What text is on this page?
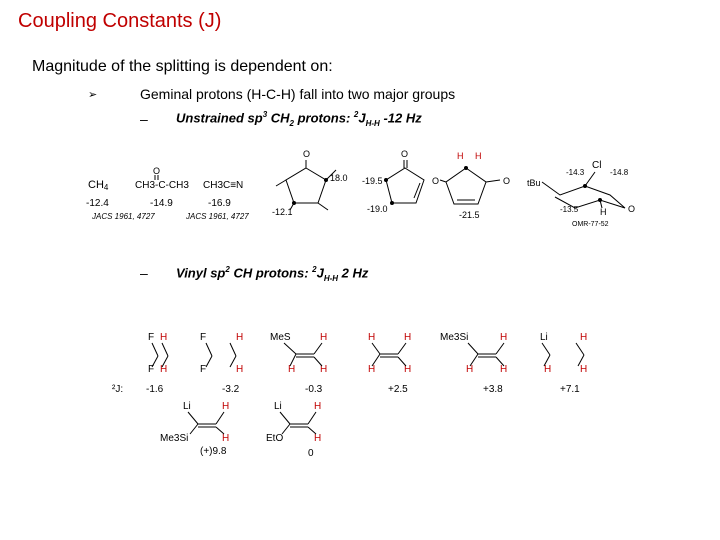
Coupling Constants (J)
Magnitude of the splitting is dependent on:
➢	Geminal protons (H-C-H) fall into two major groups
– Unstrained $sp^3$ $CH_2$ protons: $^2J_{H-H}$ -12 Hz
– Vinyl $sp^2$ CH protons: $^2J_{H-H}$ 2 Hz
CH4
-12.4
O
CH3-C-CH3
-14.9
JACS 1961, 4727
CH3C≡N
-16.9
JACS 1961, 4727
O
18.0
-12.1
O
-19.5
-19.0
H H
O	O
-21.5
tBu
Cl
-14.3	-14.8
-13.5 H O
OMR-77-52
²J:
F H
F H
-1.6
F	H
F	H
-3.2
MeS	H
H H
-0.3
H	H
H	H
+2.5
Me3Si	H
H	H
+3.8
Li	H
H	H
+7.1
Li	H
Me3Si	H
(+)9.8
Li	H
EtO	H
0
